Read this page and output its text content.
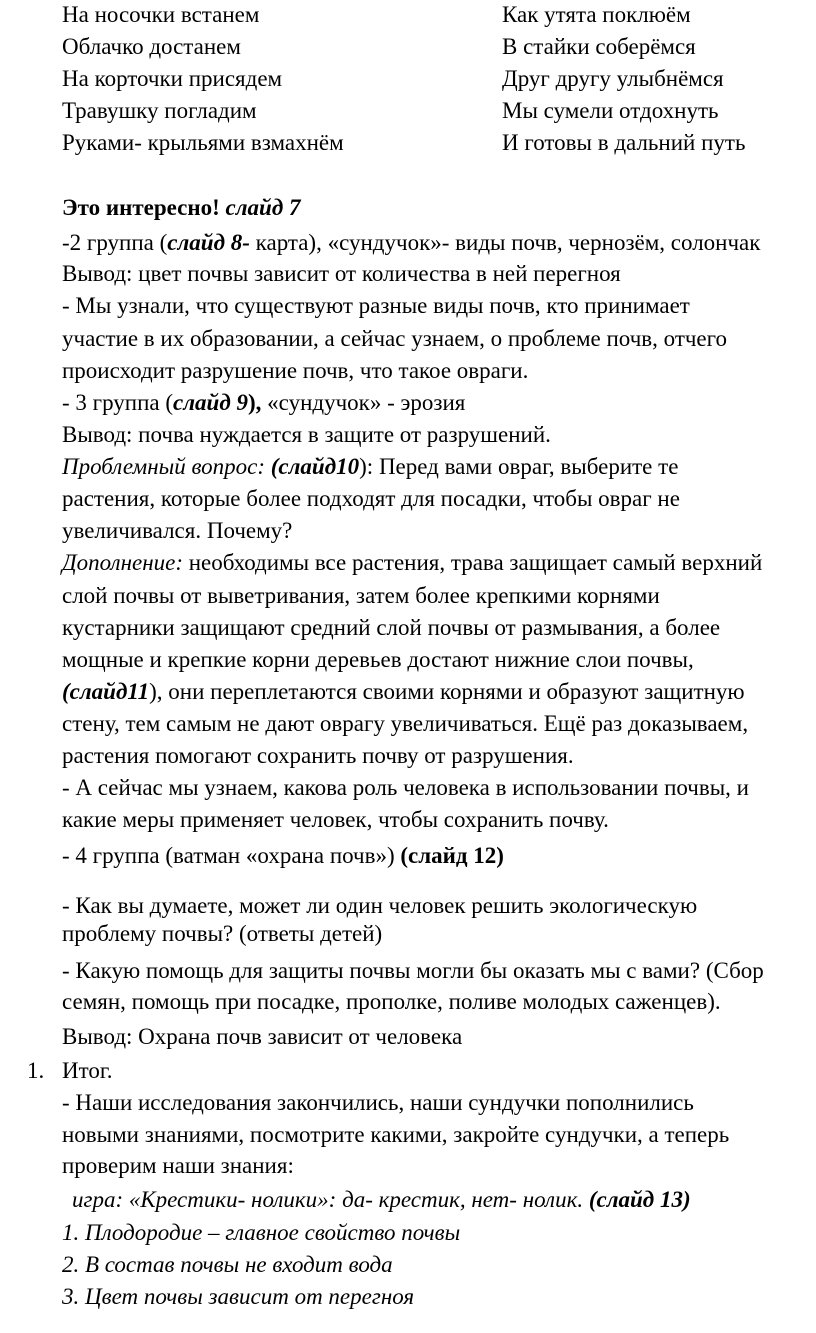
На носочки встанем	Как утята поклюём
Облачко достанем	В стайки соберёмся
На корточки присядем	Друг другу улыбнёмся
Травушку погладим	Мы сумели отдохнуть
Руками- крыльями взмахнём	И готовы в дальний путь
Это интересно! слайд 7
-2 группа (слайд 8- карта), «сундучок»- виды почв, чернозём, солончак
Вывод: цвет почвы зависит от количества в ней перегноя
- Мы узнали, что существуют разные виды почв, кто принимает
участие в их образовании, а сейчас узнаем, о проблеме почв, отчего
происходит разрушение почв, что такое овраги.
- 3 группа (слайд 9), «сундучок» - эрозия
Вывод: почва нуждается в защите от разрушений.
Проблемный вопрос: (слайд10): Перед вами овраг, выберите те
растения, которые более подходят для посадки, чтобы овраг не
увеличивался. Почему?
Дополнение: необходимы все растения, трава защищает самый верхний
слой почвы от выветривания, затем более крепкими корнями
кустарники защищают средний слой почвы от размывания, а более
мощные и крепкие корни деревьев достают нижние слои почвы,
(слайд11), они переплетаются своими корнями и образуют защитную
стену, тем самым не дают оврагу увеличиваться. Ещё раз доказываем,
растения помогают сохранить почву от разрушения.
- А сейчас мы узнаем, какова роль человека в использовании почвы, и
какие меры применяет человек, чтобы сохранить почву.
- 4 группа (ватман «охрана почв») (слайд 12)
- Как вы думаете, может ли один человек решить экологическую
проблему почвы? (ответы детей)
- Какую помощь для защиты почвы могли бы оказать мы с вами? (Сбор
семян, помощь при посадке, прополке, поливе молодых саженцев).
Вывод: Охрана почв зависит от человека
Итог.
1.
- Наши исследования закончились, наши сундучки пополнились
новыми знаниями, посмотрите какими, закройте сундучки, а теперь
проверим наши знания:
игра: «Крестики- нолики»: да- крестик, нет- нолик. (слайд 13)
1. Плодородие – главное свойство почвы
2. В состав почвы не входит вода
3. Цвет почвы зависит от перегноя
